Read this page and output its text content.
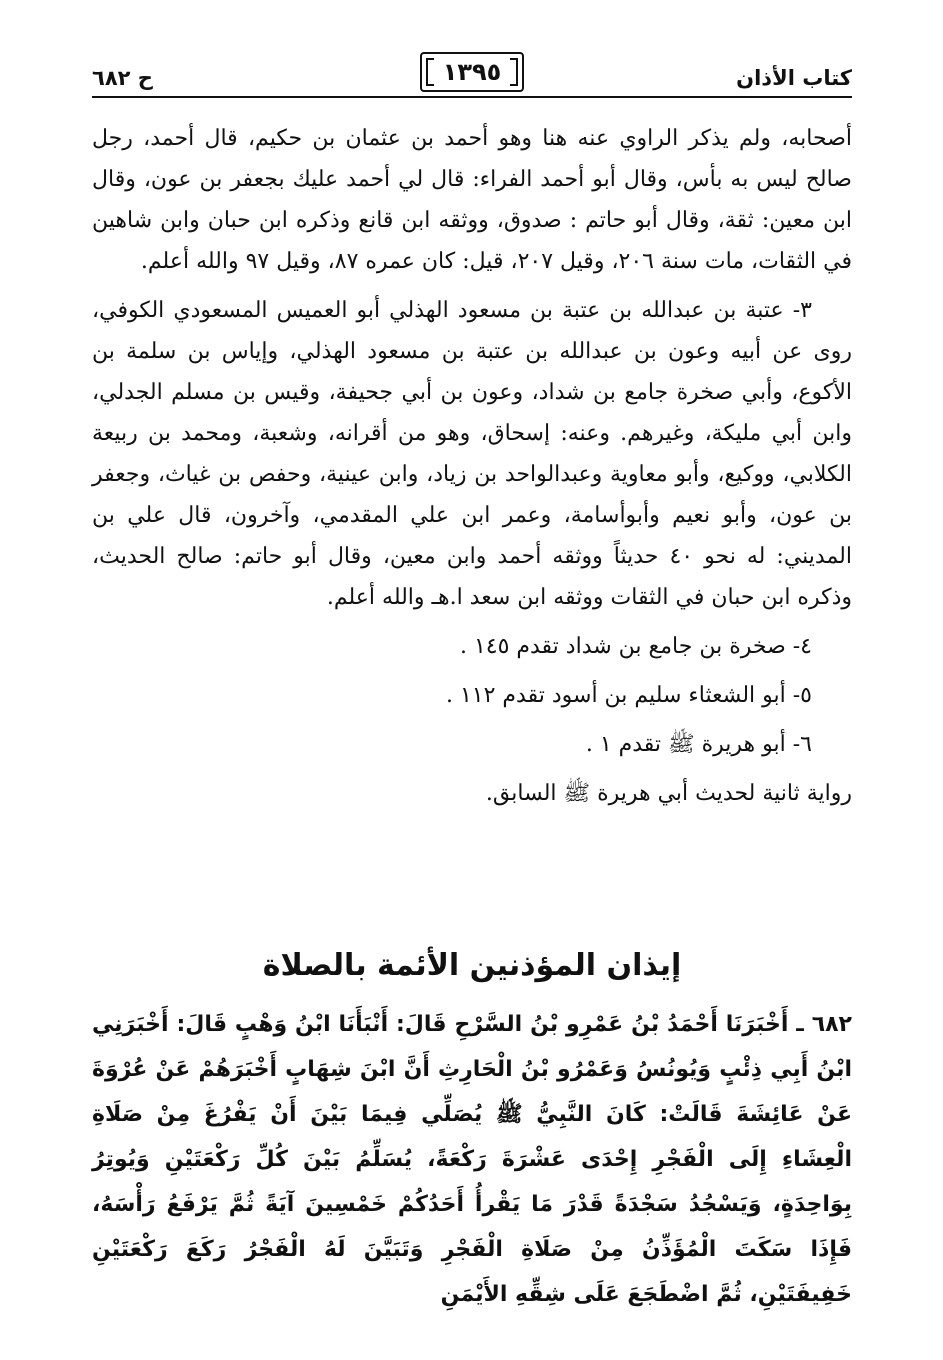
كتاب الأذان
١٣٩٥
ح ٦٨٢

أصحابه، ولم يذكر الراوي عنه هنا وهو أحمد بن عثمان بن حكيم، قال أحمد، رجل صالح ليس به بأس، وقال أبو أحمد الفراء: قال لي أحمد عليك بجعفر بن عون، وقال ابن معين: ثقة، وقال أبو حاتم : صدوق، ووثقه ابن قانع وذكره ابن حبان وابن شاهين في الثقات، مات سنة ٢٠٦، وقيل ٢٠٧، قيل: كان عمره ٨٧، وقيل ٩٧ والله أعلم.

٣- عتبة بن عبدالله بن عتبة بن مسعود الهذلي أبو العميس المسعودي الكوفي، روى عن أبيه وعون بن عبدالله بن عتبة بن مسعود الهذلي، وإياس بن سلمة بن الأكوع، وأبي صخرة جامع بن شداد، وعون بن أبي جحيفة، وقيس بن مسلم الجدلي، وابن أبي مليكة، وغيرهم. وعنه: إسحاق، وهو من أقرانه، وشعبة، ومحمد بن ربيعة الكلابي، ووكيع، وأبو معاوية وعبدالواحد بن زياد، وابن عينية، وحفص بن غياث، وجعفر بن عون، وأبو نعيم وأبوأسامة، وعمر ابن علي المقدمي، وآخرون، قال علي بن المديني: له نحو ٤٠ حديثاً ووثقه أحمد وابن معين، وقال أبو حاتم: صالح الحديث، وذكره ابن حبان في الثقات ووثقه ابن سعد ا.هـ والله أعلم.

٤- صخرة بن جامع بن شداد تقدم ١٤٥ .

٥- أبو الشعثاء سليم بن أسود تقدم ١١٢ .

٦- أبو هريرة ﷺ تقدم ١ .

رواية ثانية لحديث أبي هريرة ﷺ السابق.

إيذان المؤذنين الأئمة بالصلاة

٦٨٢ ـ أَخْبَرَنَا أَحْمَدُ بْنُ عَمْرِو بْنُ السَّرْحِ قَالَ: أَنْبَأَنَا ابْنُ وَهْبٍ قَالَ: أَخْبَرَنِي ابْنُ أَبِي ذِئْبٍ وَيُونُسُ وَعَمْرُو بْنُ الْحَارِثِ أَنَّ ابْنَ شِهَابٍ أَخْبَرَهُمْ عَنْ عُرْوَةَ عَنْ عَائِشَةَ قَالَتْ: كَانَ النَّبِيُّ ﷺ يُصَلِّي فِيمَا بَيْنَ أَنْ يَفْرُغَ مِنْ صَلَاةِ الْعِشَاءِ إِلَى الْفَجْرِ إِحْدَى عَشْرَةَ رَكْعَةً، يُسَلِّمُ بَيْنَ كُلِّ رَكْعَتَيْنِ وَيُوتِرُ بِوَاحِدَةٍ، وَيَسْجُدُ سَجْدَةً قَدْرَ مَا يَقْرأُ أَحَدُكُمْ خَمْسِينَ آيَةً ثُمَّ يَرْفَعُ رَأْسَهُ، فَإِذَا سَكَتَ الْمُؤَذِّنُ مِنْ صَلَاةِ الْفَجْرِ وَتَبَيَّنَ لَهُ الْفَجْرُ رَكَعَ رَكْعَتَيْنِ خَفِيفَتَيْنِ، ثُمَّ اضْطَجَعَ عَلَى شِقِّهِ الأَيْمَنِ
